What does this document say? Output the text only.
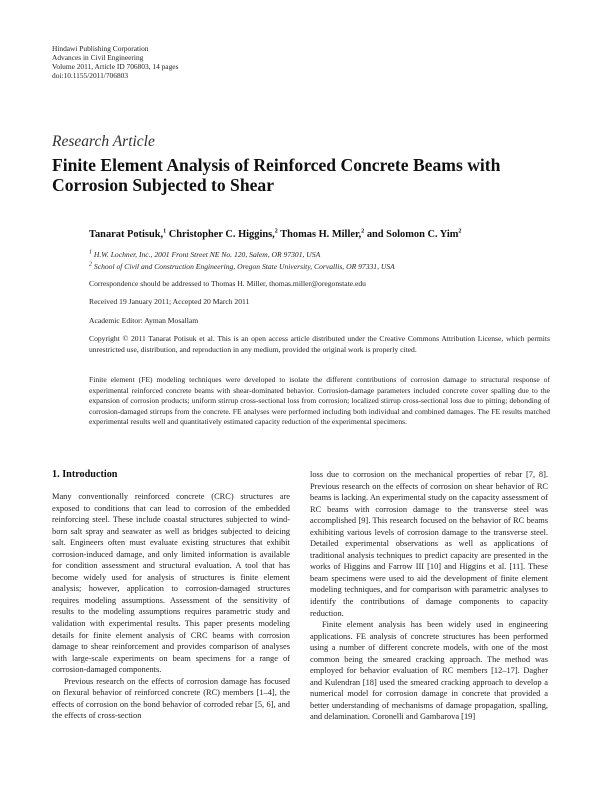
Hindawi Publishing Corporation
Advances in Civil Engineering
Volume 2011, Article ID 706803, 14 pages
doi:10.1155/2011/706803
Research Article
Finite Element Analysis of Reinforced Concrete Beams with Corrosion Subjected to Shear
Tanarat Potisuk,$^1$ Christopher C. Higgins,$^2$ Thomas H. Miller,$^2$ and Solomon C. Yim$^2$
$^1$ H.W. Lochner, Inc., 2001 Front Street NE No. 120, Salem, OR 97301, USA
$^2$ School of Civil and Construction Engineering, Oregon State University, Corvallis, OR 97331, USA
Correspondence should be addressed to Thomas H. Miller, thomas.miller@oregonstate.edu
Received 19 January 2011; Accepted 20 March 2011
Academic Editor: Ayman Mosallam
Copyright © 2011 Tanarat Potisuk et al. This is an open access article distributed under the Creative Commons Attribution License, which permits unrestricted use, distribution, and reproduction in any medium, provided the original work is properly cited.
Finite element (FE) modeling techniques were developed to isolate the different contributions of corrosion damage to structural response of experimental reinforced concrete beams with shear-dominated behavior. Corrosion-damage parameters included concrete cover spalling due to the expansion of corrosion products; uniform stirrup cross-sectional loss from corrosion; localized stirrup cross-sectional loss due to pitting; debonding of corrosion-damaged stirrups from the concrete. FE analyses were performed including both individual and combined damages. The FE results matched experimental results well and quantitatively estimated capacity reduction of the experimental specimens.
1. Introduction

Many conventionally reinforced concrete (CRC) structures are exposed to conditions that can lead to corrosion of the embedded reinforcing steel. These include coastal structures subjected to wind-born salt spray and seawater as well as bridges subjected to deicing salt. Engineers often must evaluate existing structures that exhibit corrosion-induced damage, and only limited information is available for condition assessment and structural evaluation. A tool that has become widely used for analysis of structures is finite element analysis; however, application to corrosion-damaged structures requires modeling assumptions. Assessment of the sensitivity of results to the modeling assumptions requires parametric study and validation with experimental results. This paper presents modeling details for finite element analysis of CRC beams with corrosion damage to shear reinforcement and provides comparison of analyses with large-scale experiments on beam specimens for a range of corrosion-damaged components.

Previous research on the effects of corrosion damage has focused on flexural behavior of reinforced concrete (RC) members [1–4], the effects of corrosion on the bond behavior of corroded rebar [5, 6], and the effects of cross-section

loss due to corrosion on the mechanical properties of rebar [7, 8]. Previous research on the effects of corrosion on shear behavior of RC beams is lacking. An experimental study on the capacity assessment of RC beams with corrosion damage to the transverse steel was accomplished [9]. This research focused on the behavior of RC beams exhibiting various levels of corrosion damage to the transverse steel. Detailed experimental observations as well as applications of traditional analysis techniques to predict capacity are presented in the works of Higgins and Farrow III [10] and Higgins et al. [11]. These beam specimens were used to aid the development of finite element modeling techniques, and for comparison with parametric analyses to identify the contributions of damage components to capacity reduction.

Finite element analysis has been widely used in engineering applications. FE analysis of concrete structures has been performed using a number of different concrete models, with one of the most common being the smeared cracking approach. The method was employed for behavior evaluation of RC members [12–17]. Dagher and Kulendran [18] used the smeared cracking approach to develop a numerical model for corrosion damage in concrete that provided a better understanding of mechanisms of damage propagation, spalling, and delamination. Coronelli and Gambarova [19]
